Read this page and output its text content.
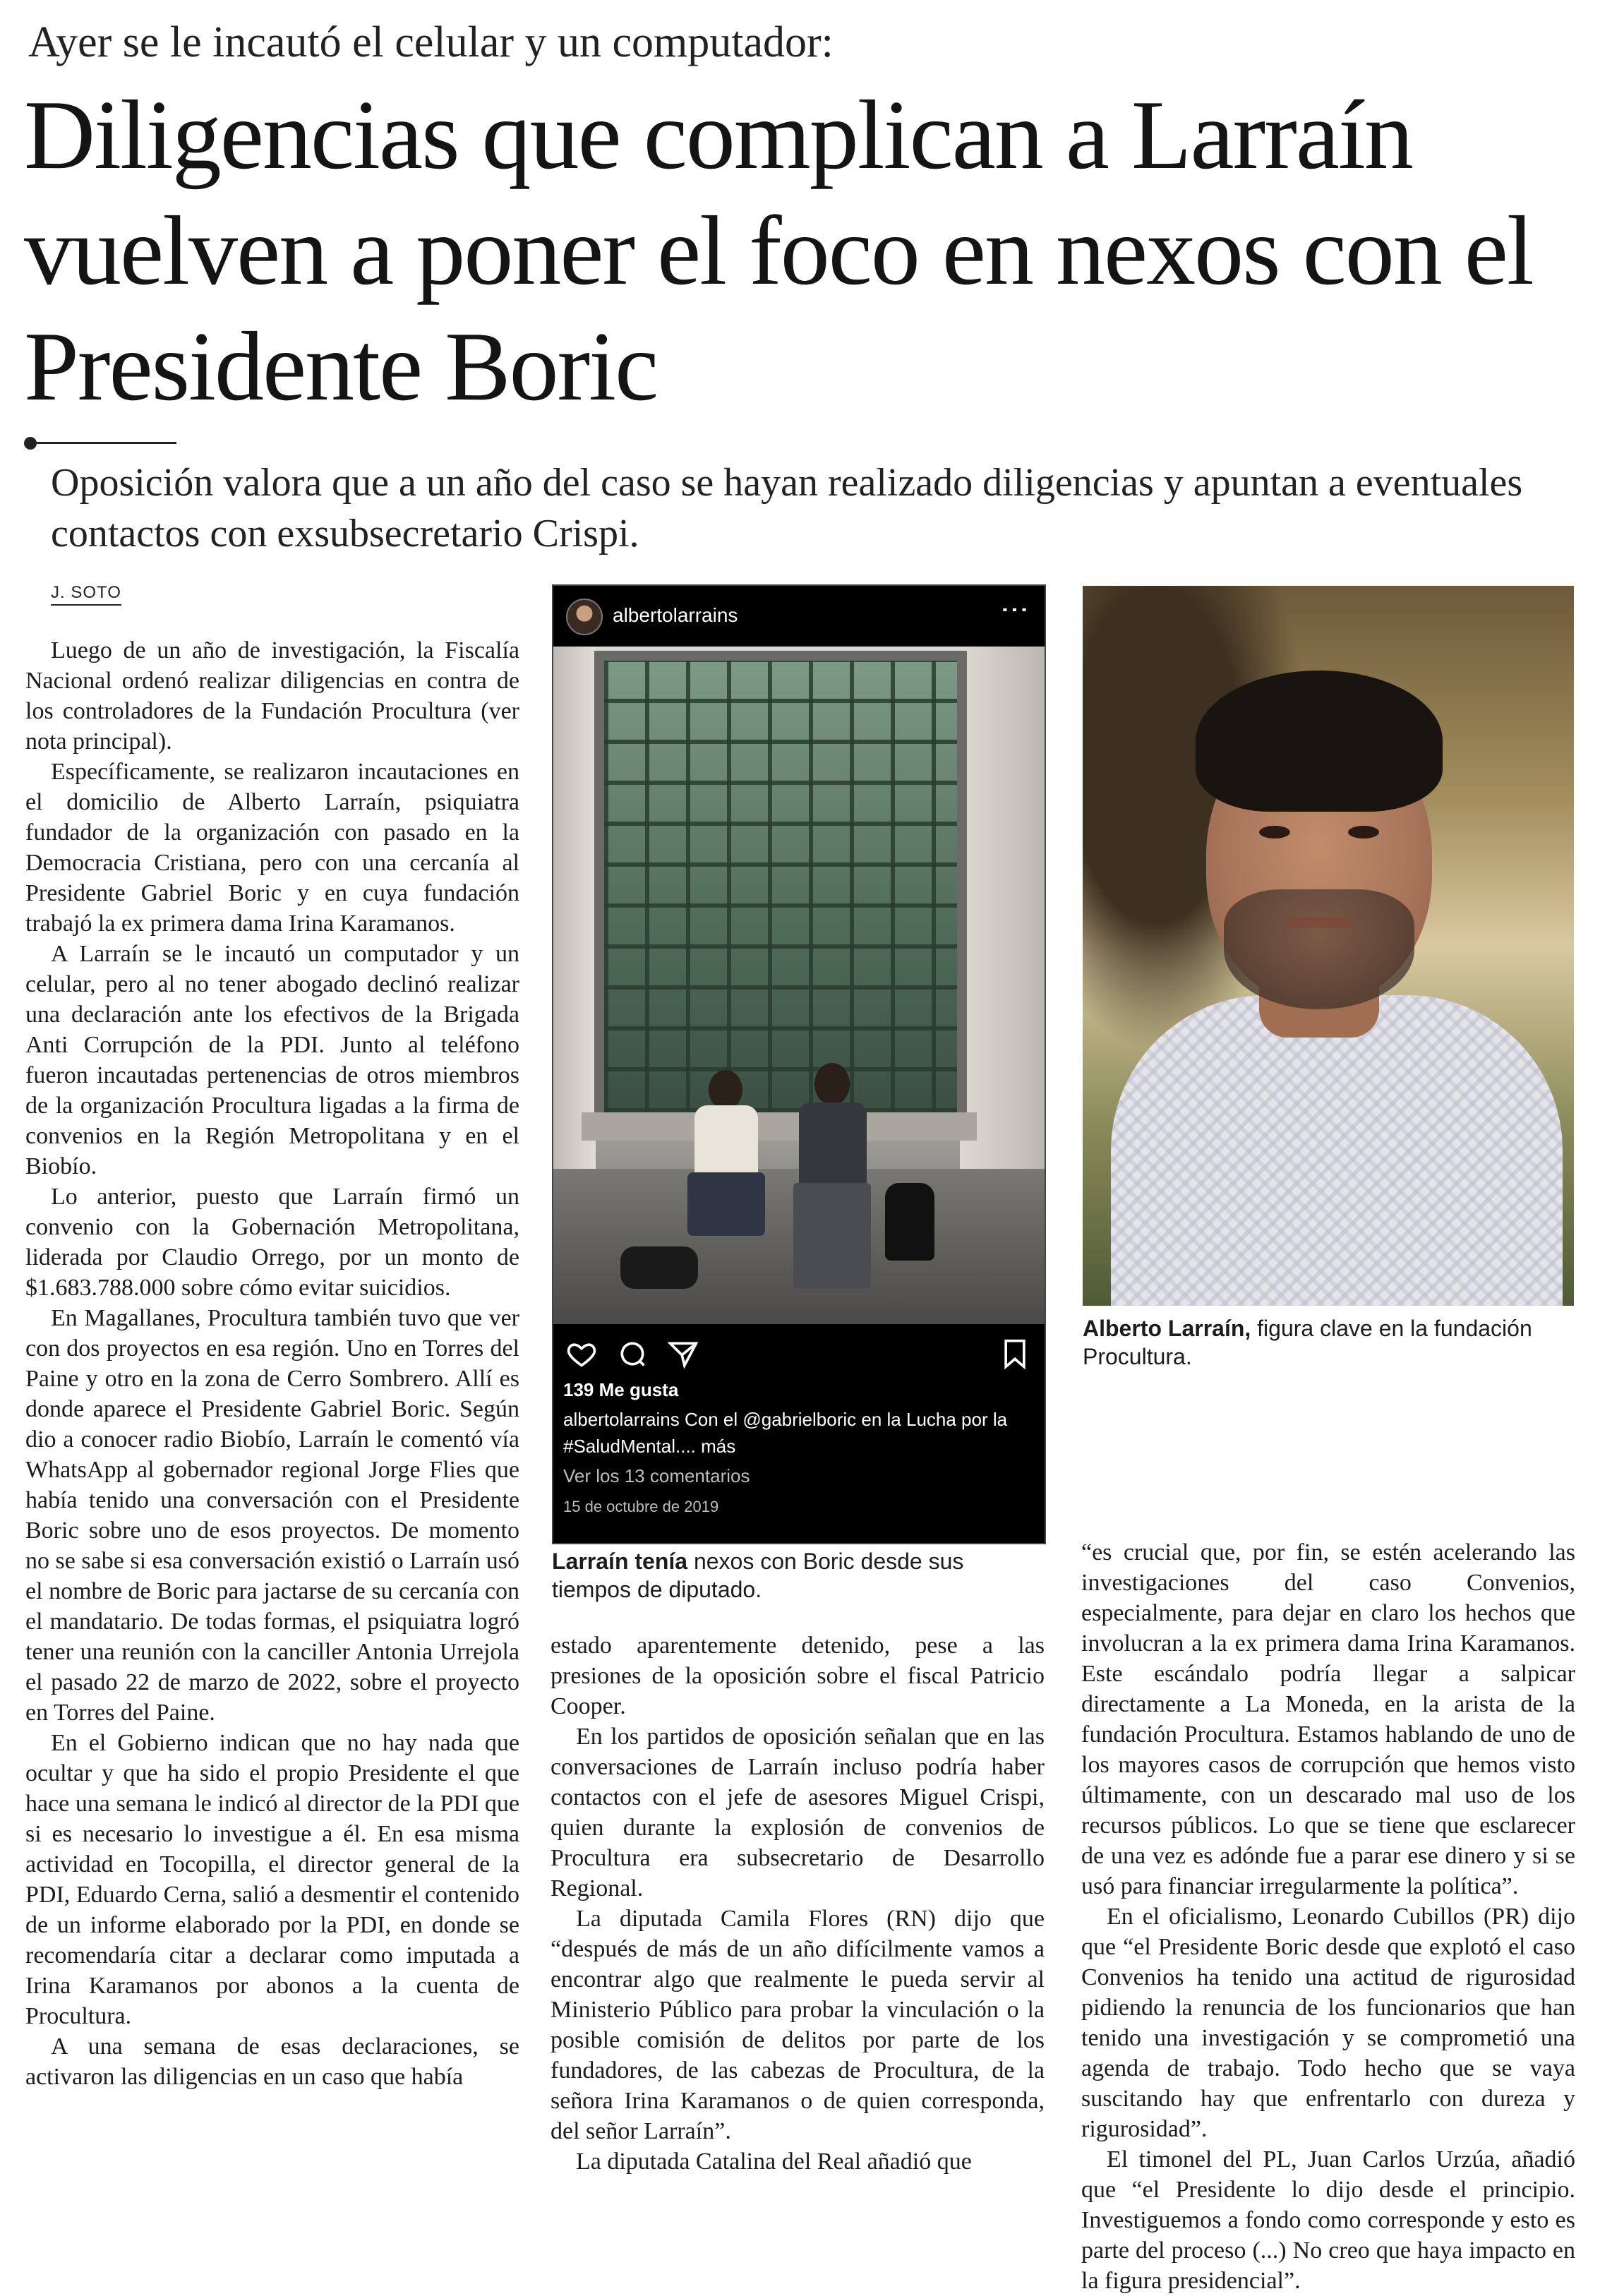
Ayer se le incautó el celular y un computador:
Diligencias que complican a Larraín vuelven a poner el foco en nexos con el Presidente Boric
Oposición valora que a un año del caso se hayan realizado diligencias y apuntan a eventuales contactos con exsubsecretario Crispi.
J. SOTO

Luego de un año de investigación, la Fiscalía Nacional ordenó realizar diligencias en contra de los controladores de la Fundación Procultura (ver nota principal).

Específicamente, se realizaron incautaciones en el domicilio de Alberto Larraín, psiquiatra fundador de la organización con pasado en la Democracia Cristiana, pero con una cercanía al Presidente Gabriel Boric y en cuya fundación trabajó la ex primera dama Irina Karamanos.

A Larraín se le incautó un computador y un celular, pero al no tener abogado declinó realizar una declaración ante los efectivos de la Brigada Anti Corrupción de la PDI. Junto al teléfono fueron incautadas pertenencias de otros miembros de la organización Procultura ligadas a la firma de convenios en la Región Metropolitana y en el Biobío.

Lo anterior, puesto que Larraín firmó un convenio con la Gobernación Metropolitana, liderada por Claudio Orrego, por un monto de $1.683.788.000 sobre cómo evitar suicidios.

En Magallanes, Procultura también tuvo que ver con dos proyectos en esa región. Uno en Torres del Paine y otro en la zona de Cerro Sombrero. Allí es donde aparece el Presidente Gabriel Boric. Según dio a conocer radio Biobío, Larraín le comentó vía WhatsApp al gobernador regional Jorge Flies que había tenido una conversación con el Presidente Boric sobre uno de esos proyectos. De momento no se sabe si esa conversación existió o Larraín usó el nombre de Boric para jactarse de su cercanía con el mandatario. De todas formas, el psiquiatra logró tener una reunión con la canciller Antonia Urrejola el pasado 22 de marzo de 2022, sobre el proyecto en Torres del Paine.

En el Gobierno indican que no hay nada que ocultar y que ha sido el propio Presidente el que hace una semana le indicó al director de la PDI que si es necesario lo investigue a él. En esa misma actividad en Tocopilla, el director general de la PDI, Eduardo Cerna, salió a desmentir el contenido de un informe elaborado por la PDI, en donde se recomendaría citar a declarar como imputada a Irina Karamanos por abonos a la cuenta de Procultura.

A una semana de esas declaraciones, se activaron las diligencias en un caso que había

albertolarrains	⋮
139 Me gusta
albertolarrains Con el @gabrielboric en la Lucha por la #SaludMental.... más
Ver los 13 comentarios
15 de octubre de 2019
Larraín tenía nexos con Boric desde sus tiempos de diputado.

estado aparentemente detenido, pese a las presiones de la oposición sobre el fiscal Patricio Cooper.

En los partidos de oposición señalan que en las conversaciones de Larraín incluso podría haber contactos con el jefe de asesores Miguel Crispi, quien durante la explosión de convenios de Procultura era subsecretario de Desarrollo Regional.

La diputada Camila Flores (RN) dijo que “después de más de un año difícilmente vamos a encontrar algo que realmente le pueda servir al Ministerio Público para probar la vinculación o la posible comisión de delitos por parte de los fundadores, de las cabezas de Procultura, de la señora Irina Karamanos o de quien corresponda, del señor Larraín”.

La diputada Catalina del Real añadió que

Alberto Larraín, figura clave en la fundación Procultura.

“es crucial que, por fin, se estén acelerando las investigaciones del caso Convenios, especialmente, para dejar en claro los hechos que involucran a la ex primera dama Irina Karamanos. Este escándalo podría llegar a salpicar directamente a La Moneda, en la arista de la fundación Procultura. Estamos hablando de uno de los mayores casos de corrupción que hemos visto últimamente, con un descarado mal uso de los recursos públicos. Lo que se tiene que esclarecer de una vez es adónde fue a parar ese dinero y si se usó para financiar irregularmente la política”.

En el oficialismo, Leonardo Cubillos (PR) dijo que “el Presidente Boric desde que explotó el caso Convenios ha tenido una actitud de rigurosidad pidiendo la renuncia de los funcionarios que han tenido una investigación y se comprometió una agenda de trabajo. Todo hecho que se vaya suscitando hay que enfrentarlo con dureza y rigurosidad”.

El timonel del PL, Juan Carlos Urzúa, añadió que “el Presidente lo dijo desde el principio. Investiguemos a fondo como corresponde y esto es parte del proceso (...) No creo que haya impacto en la figura presidencial”.
